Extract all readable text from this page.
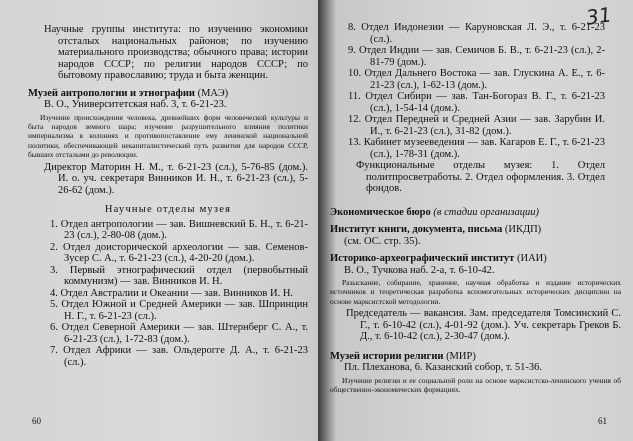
Научные группы института: по изучению экономики отсталых национальных районов; по изучению материального производства; обычного права; истории народов СССР; по религии народов СССР; по бытовому православию; труда и быта женщин.
Музей антропологии и этнографии (МАЭ)
В. О., Университетская наб. 3, т. 6-21-23.
Изучение происхождения человека, древнейших форм человеческой культуры и быта народов земного шара; изучение разрушительного влияния политики империализма в колониях и противопоставление ему ленинской национальной политики, обеспечивающей некапиталистический путь развития для народов СССР, бывших отсталыми до революции.
Директор Маторин Н. М., т. 6-21-23 (сл.), 5-76-85 (дом.). И. о. уч. секретаря Винников И. Н., т. 6-21-23 (сл.), 5-26-62 (дом.).
Научные отделы музея
1. Отдел антропологии — зав. Вишневский Б. Н., т. 6-21-23 (сл.), 2-80-08 (дом.).
2. Отдел доисторической археологии — зав. Семенов-Зусер С. А., т. 6-21-23 (сл.), 4-20-20 (дом.).
3. Первый этнографический отдел (первобытный коммунизм) — зав. Винников И. Н.
4. Отдел Австралии и Океании — зав. Винников И. Н.
5. Отдел Южной и Средней Америки — зав. Шпринцин Н. Г., т. 6-21-23 (сл.).
6. Отдел Северной Америки — зав. Штернберг С. А., т. 6-21-23 (сл.), 1-72-83 (дом.).
7. Отдел Африки — зав. Ольдерогге Д. А., т. 6-21-23 (сл.).
60
31
8. Отдел Индонезии — Каруновская Л. Э., т. 6-21-23 (сл.).
9. Отдел Индии — зав. Семичов Б. В., т. 6-21-23 (сл.), 2-81-79 (дом.).
10. Отдел Дальнего Востока — зав. Глускина А. Е., т. 6-21-23 (сл.), 1-62-13 (дом.).
11. Отдел Сибири — зав. Тан-Богораз В. Г., т. 6-21-23 (сл.), 1-54-14 (дом.).
12. Отдел Передней и Средней Азии — зав. Зарубин И. И., т. 6-21-23 (сл.), 31-82 (дом.).
13. Кабинет музееведения — зав. Кагаров Е. Г., т. 6-21-23 (сл.), 1-78-31 (дом.).
Функциональные отделы музея: 1. Отдел политпросветработы. 2. Отдел оформления. 3. Отдел фондов.
Экономическое бюро (в стадии организации)
Институт книги, документа, письма (ИКДП)
(см. ОС. стр. 35).
Историко-археографический институт (ИАИ)
В. О., Тучкова наб. 2-а, т. 6-10-42.
Разыскание, собирание, хранение, научная обработка и издание исторических источников и теоретическая разработка вспомогательных исторических дисциплин на основе марксистской методологии.
Председатель — вакансия. Зам. председателя Томсинский С. Г., т. 6-10-42 (сл.), 4-01-92 (дом.). Уч. секретарь Греков Б. Д., т. 6-10-42 (сл.), 2-30-47 (дом.).
Музей истории религии (МИР)
Пл. Плеханова, 6. Казанский собор, т. 51-36.
Изучение религии и ее социальной роли на основе марксистско-ленинского учения об общественно-экономических формациях.
61
